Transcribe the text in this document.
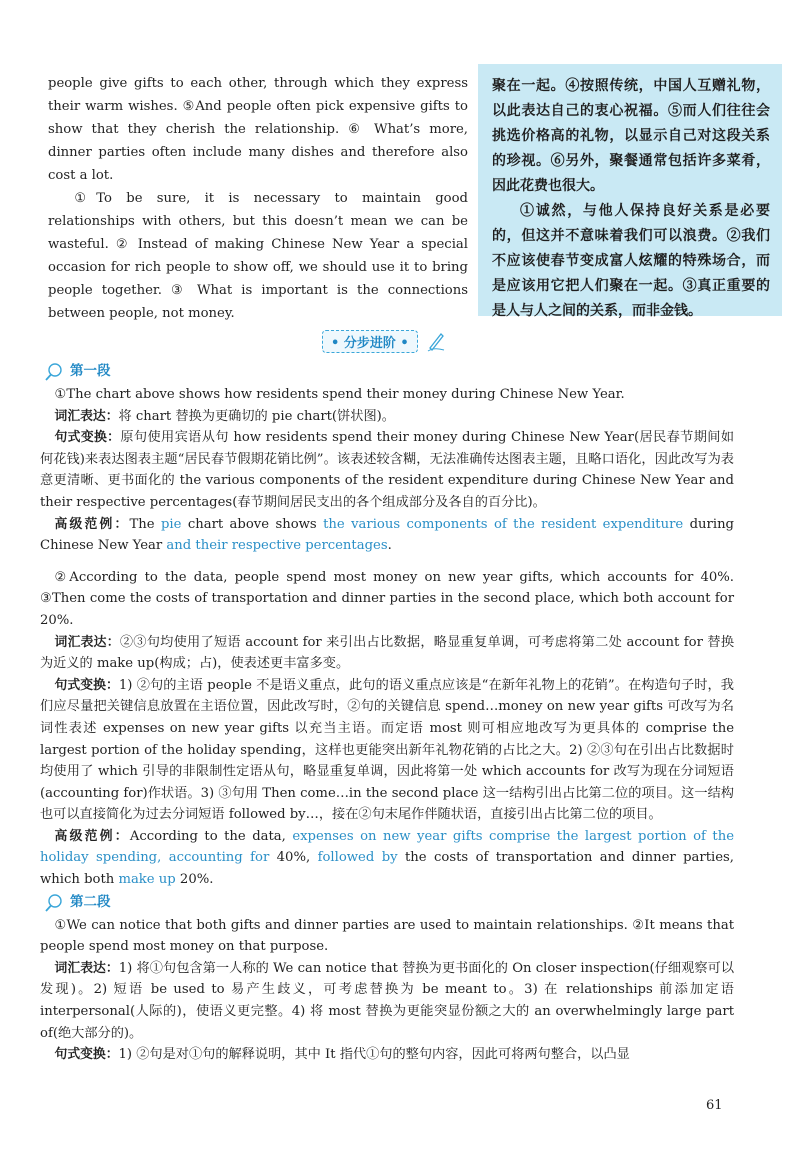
people give gifts to each other, through which they express their warm wishes. ⑤And people often pick expensive gifts to show that they cherish the relationship. ⑥ What’s more, dinner parties often include many dishes and therefore also cost a lot.

①To be sure, it is necessary to maintain good relationships with others, but this doesn’t mean we can be wasteful. ② Instead of making Chinese New Year a special occasion for rich people to show off, we should use it to bring people together. ③ What is important is the connections between people, not money.

聚在一起。④按照传统，中国人互赠礼物，以此表达自己的衷心祝福。⑤而人们往往会挑选价格高的礼物，以显示自己对这段关系的珍视。⑥另外，聚餐通常包括许多菜肴，因此花费也很大。

①诚然，与他人保持良好关系是必要的，但这并不意味着我们可以浪费。②我们不应该使春节变成富人炫耀的特殊场合，而是应该用它把人们聚在一起。③真正重要的是人与人之间的关系，而非金钱。

• 分步进阶 •
第一段

①The chart above shows how residents spend their money during Chinese New Year.

词汇表达：将 chart 替换为更确切的 pie chart(饼状图)。

句式变换：原句使用宾语从句 how residents spend their money during Chinese New Year(居民春节期间如何花钱)来表达图表主题“居民春节假期花销比例”。该表述较含糊，无法准确传达图表主题，且略口语化，因此改写为表意更清晰、更书面化的 the various components of the resident expenditure during Chinese New Year and their respective percentages(春节期间居民支出的各个组成部分及各自的百分比)。

高级范例：The pie chart above shows the various components of the resident expenditure during Chinese New Year and their respective percentages.

②According to the data, people spend most money on new year gifts, which accounts for 40%. ③Then come the costs of transportation and dinner parties in the second place, which both account for 20%.

词汇表达：②③句均使用了短语 account for 来引出占比数据，略显重复单调，可考虑将第二处 account for 替换为近义的 make up(构成；占)，使表述更丰富多变。

句式变换：1) ②句的主语 people 不是语义重点，此句的语义重点应该是“在新年礼物上的花销”。在构造句子时，我们应尽量把关键信息放置在主语位置，因此改写时，②句的关键信息 spend…money on new year gifts 可改写为名词性表述 expenses on new year gifts 以充当主语。而定语 most 则可相应地改写为更具体的 comprise the largest portion of the holiday spending，这样也更能突出新年礼物花销的占比之大。2) ②③句在引出占比数据时均使用了 which 引导的非限制性定语从句，略显重复单调，因此将第一处 which accounts for 改写为现在分词短语(accounting for)作状语。3) ③句用 Then come…in the second place 这一结构引出占比第二位的项目。这一结构也可以直接简化为过去分词短语 followed by…，接在②句末尾作伴随状语，直接引出占比第二位的项目。

高级范例：According to the data, expenses on new year gifts comprise the largest portion of the holiday spending, accounting for 40%, followed by the costs of transportation and dinner parties, which both make up 20%.

第二段

①We can notice that both gifts and dinner parties are used to maintain relationships. ②It means that people spend most money on that purpose.

词汇表达：1) 将①句包含第一人称的 We can notice that 替换为更书面化的 On closer inspection(仔细观察可以发现)。2) 短语 be used to 易产生歧义，可考虑替换为 be meant to。3) 在 relationships 前添加定语 interpersonal(人际的)，使语义更完整。4) 将 most 替换为更能突显份额之大的 an overwhelmingly large part of(绝大部分的)。

句式变换：1) ②句是对①句的解释说明，其中 It 指代①句的整句内容，因此可将两句整合，以凸显

61
